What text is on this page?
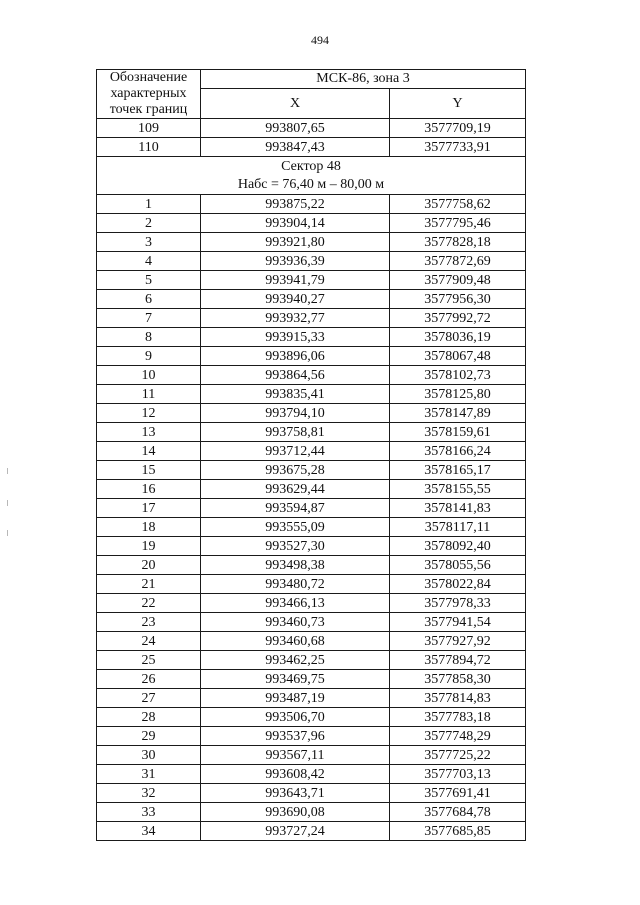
494
Обозначение характерных точек границ	МСК-86, зона 3	
	X	Y
109	993807,65	3577709,19
110	993847,43	3577733,91

Сектор 48
Набс = 76,40 м – 80,00 м		

1	993875,22	3577758,62
2	993904,14	3577795,46
3	993921,80	3577828,18
4	993936,39	3577872,69
5	993941,79	3577909,48
6	993940,27	3577956,30
7	993932,77	3577992,72
8	993915,33	3578036,19
9	993896,06	3578067,48
10	993864,56	3578102,73
11	993835,41	3578125,80
12	993794,10	3578147,89
13	993758,81	3578159,61
14	993712,44	3578166,24
15	993675,28	3578165,17
16	993629,44	3578155,55
17	993594,87	3578141,83
18	993555,09	3578117,11
19	993527,30	3578092,40
20	993498,38	3578055,56
21	993480,72	3578022,84
22	993466,13	3577978,33
23	993460,73	3577941,54
24	993460,68	3577927,92
25	993462,25	3577894,72
26	993469,75	3577858,30
27	993487,19	3577814,83
28	993506,70	3577783,18
29	993537,96	3577748,29
30	993567,11	3577725,22
31	993608,42	3577703,13
32	993643,71	3577691,41
33	993690,08	3577684,78
34	993727,24	3577685,85
